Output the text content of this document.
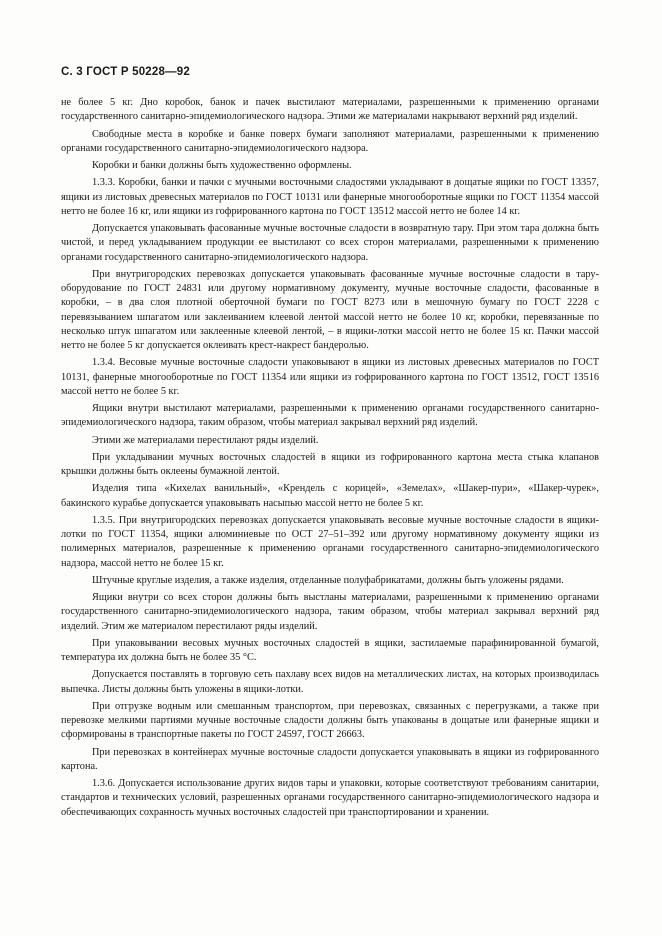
С. 3 ГОСТ Р 50228—92

не более 5 кг. Дно коробок, банок и пачек выстилают материалами, разрешенными к применению органами государственного санитарно-эпидемиологического надзора. Этими же материалами накрывают верхний ряд изделий.

Свободные места в коробке и банке поверх бумаги заполняют материалами, разрешенными к применению органами государственного санитарно-эпидемиологического надзора.

Коробки и банки должны быть художественно оформлены.

1.3.3. Коробки, банки и пачки с мучными восточными сладостями укладывают в дощатые ящики по ГОСТ 13357, ящики из листовых древесных материалов по ГОСТ 10131 или фанерные многооборотные ящики по ГОСТ 11354 массой нетто не более 16 кг, или ящики из гофрированного картона по ГОСТ 13512 массой нетто не более 14 кг.

Допускается упаковывать фасованные мучные восточные сладости в возвратную тару. При этом тара должна быть чистой, и перед укладыванием продукции ее выстилают со всех сторон материалами, разрешенными к применению органами государственного санитарно-эпидемиологического надзора.

При внутригородских перевозках допускается упаковывать фасованные мучные восточные сладости в тару-оборудование по ГОСТ 24831 или другому нормативному документу, мучные восточные сладости, фасованные в коробки, – в два слоя плотной оберточной бумаги по ГОСТ 8273 или в мешочную бумагу по ГОСТ 2228 с перевязыванием шпагатом или заклеиванием клеевой лентой массой нетто не более 10 кг, коробки, перевязанные по несколько штук шпагатом или заклеенные клеевой лентой, – в ящики-лотки массой нетто не более 15 кг. Пачки массой нетто не более 5 кг допускается оклеивать крест-накрест бандеролью.

1.3.4. Весовые мучные восточные сладости упаковывают в ящики из листовых древесных материалов по ГОСТ 10131, фанерные многооборотные по ГОСТ 11354 или ящики из гофрированного картона по ГОСТ 13512, ГОСТ 13516 массой нетто не более 5 кг.

Ящики внутри выстилают материалами, разрешенными к применению органами государственного санитарно-эпидемиологического надзора, таким образом, чтобы материал закрывал верхний ряд изделий.

Этими же материалами перестилают ряды изделий.

При укладывании мучных восточных сладостей в ящики из гофрированного картона места стыка клапанов крышки должны быть оклеены бумажной лентой.

Изделия типа «Кихелах ванильный», «Крендель с корицей», «Земелах», «Шакер-пури», «Шакер-чурек», бакинского курабье допускается упаковывать насыпью массой нетто не более 5 кг.

1.3.5. При внутригородских перевозках допускается упаковывать весовые мучные восточные сладости в ящики-лотки по ГОСТ 11354, ящики алюминиевые по ОСТ 27–51–392 или другому нормативному документу ящики из полимерных материалов, разрешенные к применению органами государственного санитарно-эпидемиологического надзора, массой нетто не более 15 кг.

Штучные круглые изделия, а также изделия, отделанные полуфабрикатами, должны быть уложены рядами.

Ящики внутри со всех сторон должны быть выстланы материалами, разрешенными к применению органами государственного санитарно-эпидемиологического надзора, таким образом, чтобы материал закрывал верхний ряд изделий. Этим же материалом перестилают ряды изделий.

При упаковывании весовых мучных восточных сладостей в ящики, застилаемые парафинированной бумагой, температура их должна быть не более 35 °С.

Допускается поставлять в торговую сеть пахлаву всех видов на металлических листах, на которых производилась выпечка. Листы должны быть уложены в ящики-лотки.

При отгрузке водным или смешанным транспортом, при перевозках, связанных с перегрузками, а также при перевозке мелкими партиями мучные восточные сладости должны быть упакованы в дощатые или фанерные ящики и сформированы в транспортные пакеты по ГОСТ 24597, ГОСТ 26663.

При перевозках в контейнерах мучные восточные сладости допускается упаковывать в ящики из гофрированного картона.

1.3.6. Допускается использование других видов тары и упаковки, которые соответствуют требованиям санитарии, стандартов и технических условий, разрешенных органами государственного санитарно-эпидемиологического надзора и обеспечивающих сохранность мучных восточных сладостей при транспортировании и хранении.
